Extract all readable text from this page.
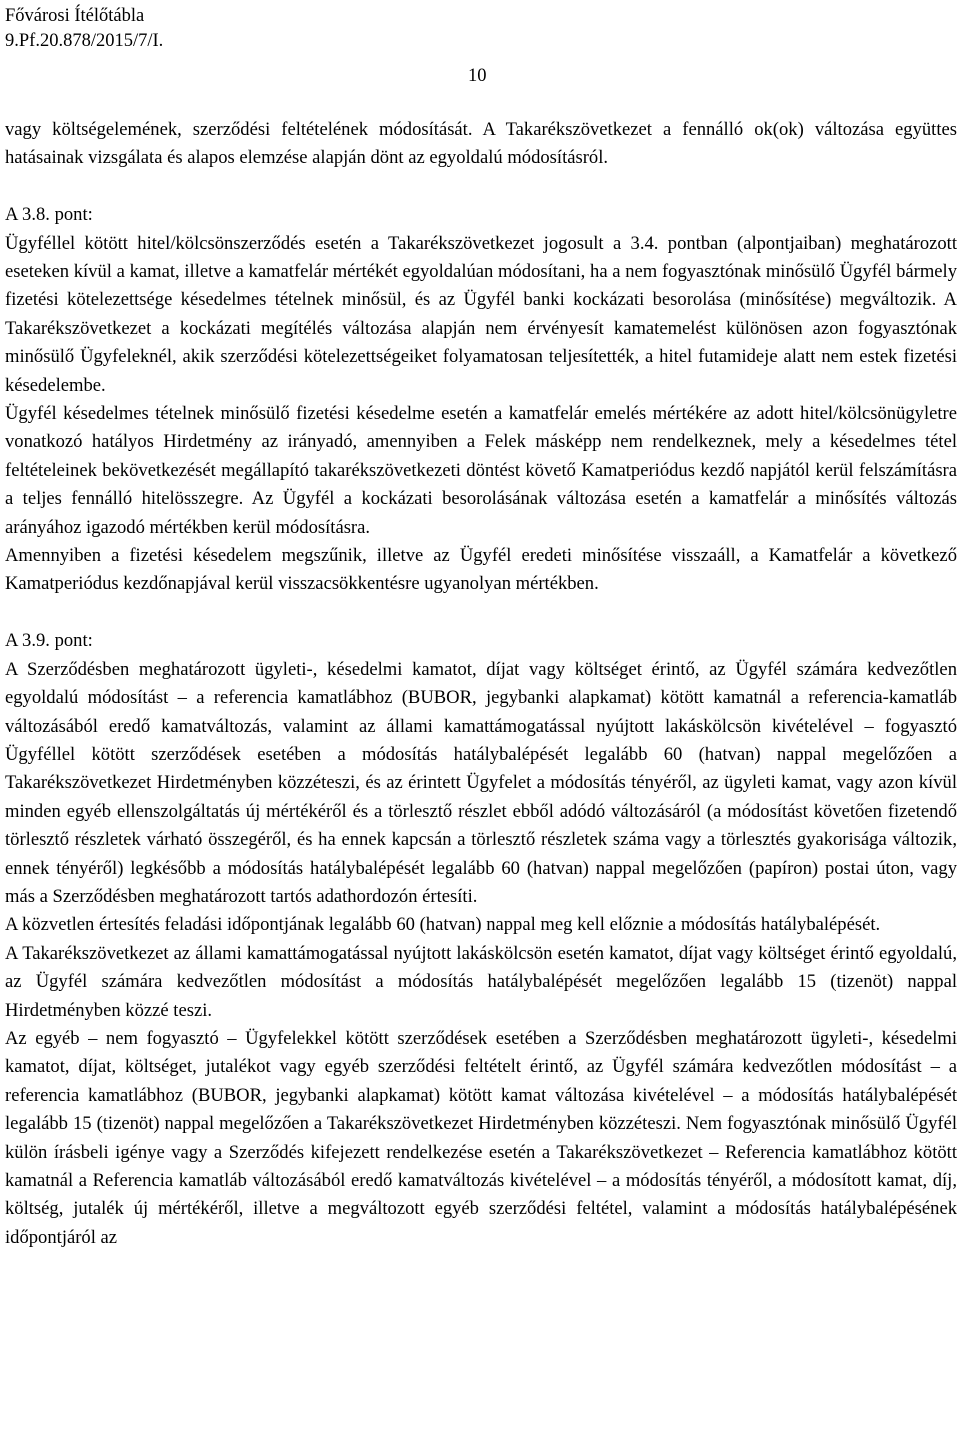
Fővárosi Ítélőtábla
9.Pf.20.878/2015/7/I.
10

vagy költségelemének, szerződési feltételének módosítását. A Takarékszövetkezet a fennálló ok(ok) változása együttes hatásainak vizsgálata és alapos elemzése alapján dönt az egyoldalú módosításról.

A 3.8. pont:

Ügyféllel kötött hitel/kölcsönszerződés esetén a Takarékszövetkezet jogosult a 3.4. pontban (alpontjaiban) meghatározott eseteken kívül a kamat, illetve a kamatfelár mértékét egyoldalúan módosítani, ha a nem fogyasztónak minősülő Ügyfél bármely fizetési kötelezettsége késedelmes tételnek minősül, és az Ügyfél banki kockázati besorolása (minősítése) megváltozik. A Takarékszövetkezet a kockázati megítélés változása alapján nem érvényesít kamatemelést különösen azon fogyasztónak minősülő Ügyfeleknél, akik szerződési kötelezettségeiket folyamatosan teljesítették, a hitel futamideje alatt nem estek fizetési késedelembe.

Ügyfél késedelmes tételnek minősülő fizetési késedelme esetén a kamatfelár emelés mértékére az adott hitel/kölcsönügyletre vonatkozó hatályos Hirdetmény az irányadó, amennyiben a Felek másképp nem rendelkeznek, mely a késedelmes tétel feltételeinek bekövetkezését megállapító takarékszövetkezeti döntést követő Kamatperiódus kezdő napjától kerül felszámításra a teljes fennálló hitelösszegre. Az Ügyfél a kockázati besorolásának változása esetén a kamatfelár a minősítés változás arányához igazodó mértékben kerül módosításra.

Amennyiben a fizetési késedelem megszűnik, illetve az Ügyfél eredeti minősítése visszaáll, a Kamatfelár a következő Kamatperiódus kezdőnapjával kerül visszacsökkentésre ugyanolyan mértékben.

A 3.9. pont:

A Szerződésben meghatározott ügyleti-, késedelmi kamatot, díjat vagy költséget érintő, az Ügyfél számára kedvezőtlen egyoldalú módosítást – a referencia kamatlábhoz (BUBOR, jegybanki alapkamat) kötött kamatnál a referencia-kamatláb változásából eredő kamatváltozás, valamint az állami kamattámogatással nyújtott lakáskölcsön kivételével – fogyasztó Ügyféllel kötött szerződések esetében a módosítás hatálybalépését legalább 60 (hatvan) nappal megelőzően a Takarékszövetkezet Hirdetményben közzéteszi, és az érintett Ügyfelet a módosítás tényéről, az ügyleti kamat, vagy azon kívül minden egyéb ellenszolgáltatás új mértékéről és a törlesztő részlet ebből adódó változásáról (a módosítást követően fizetendő törlesztő részletek várható összegéről, és ha ennek kapcsán a törlesztő részletek száma vagy a törlesztés gyakorisága változik, ennek tényéről) legkésőbb a módosítás hatálybalépését legalább 60 (hatvan) nappal megelőzően (papíron) postai úton, vagy más a Szerződésben meghatározott tartós adathordozón értesíti.

A közvetlen értesítés feladási időpontjának legalább 60 (hatvan) nappal meg kell előznie a módosítás hatálybalépését.

A Takarékszövetkezet az állami kamattámogatással nyújtott lakáskölcsön esetén kamatot, díjat vagy költséget érintő egyoldalú, az Ügyfél számára kedvezőtlen módosítást a módosítás hatálybalépését megelőzően legalább 15 (tizenöt) nappal Hirdetményben közzé teszi.

Az egyéb – nem fogyasztó – Ügyfelekkel kötött szerződések esetében a Szerződésben meghatározott ügyleti-, késedelmi kamatot, díjat, költséget, jutalékot vagy egyéb szerződési feltételt érintő, az Ügyfél számára kedvezőtlen módosítást – a referencia kamatlábhoz (BUBOR, jegybanki alapkamat) kötött kamat változása kivételével – a módosítás hatálybalépését legalább 15 (tizenöt) nappal megelőzően a Takarékszövetkezet Hirdetményben közzéteszi. Nem fogyasztónak minősülő Ügyfél külön írásbeli igénye vagy a Szerződés kifejezett rendelkezése esetén a Takarékszövetkezet – Referencia kamatlábhoz kötött kamatnál a Referencia kamatláb változásából eredő kamatváltozás kivételével – a módosítás tényéről, a módosított kamat, díj, költség, jutalék új mértékéről, illetve a megváltozott egyéb szerződési feltétel, valamint a módosítás hatálybalépésének időpontjáról az
